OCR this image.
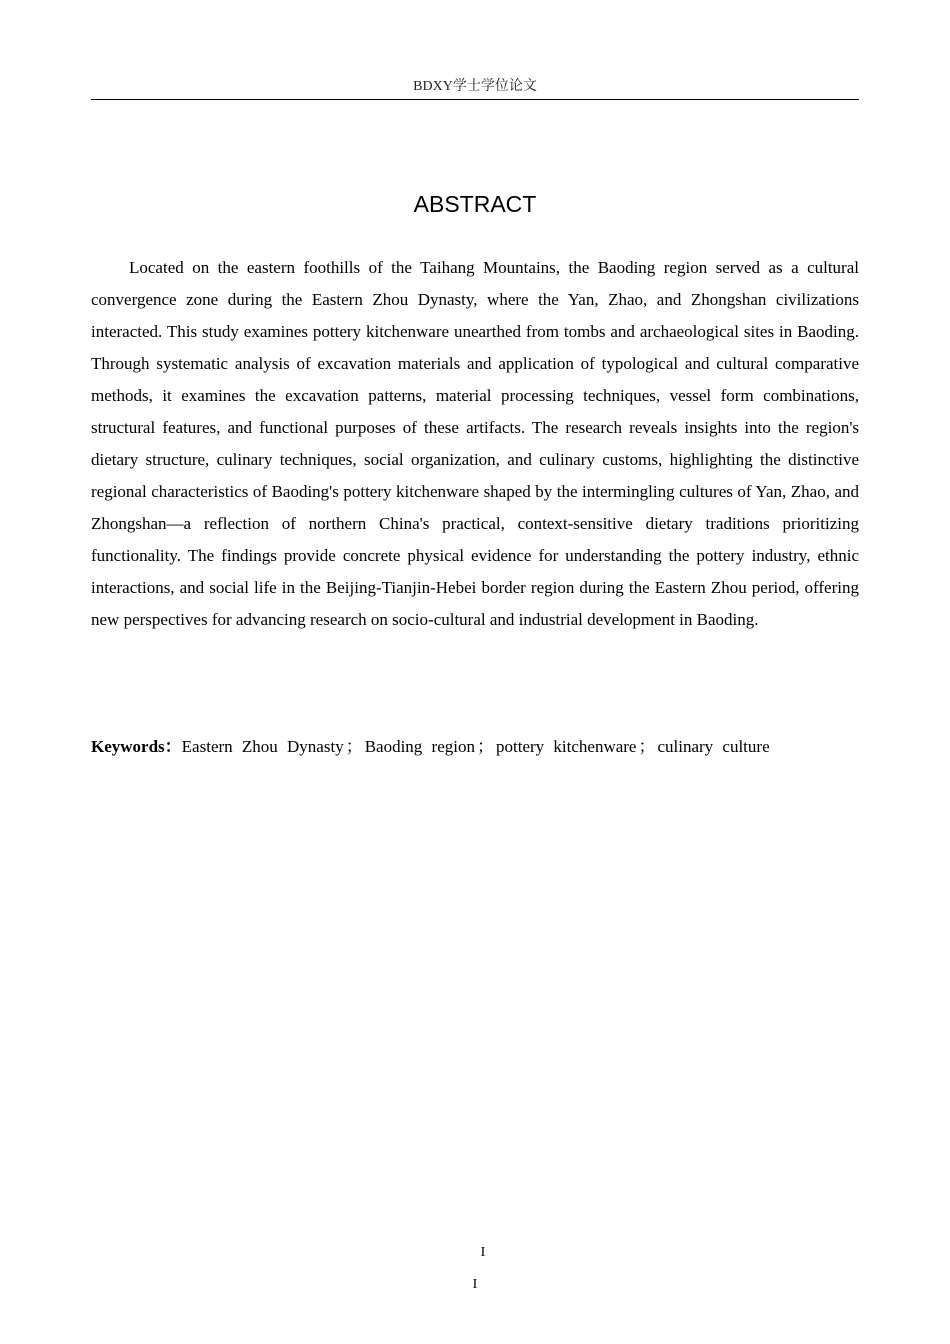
BDXY学士学位论文
ABSTRACT

Located on the eastern foothills of the Taihang Mountains, the Baoding region served as a cultural convergence zone during the Eastern Zhou Dynasty, where the Yan, Zhao, and Zhongshan civilizations interacted. This study examines pottery kitchenware unearthed from tombs and archaeological sites in Baoding. Through systematic analysis of excavation materials and application of typological and cultural comparative methods, it examines the excavation patterns, material processing techniques, vessel form combinations, structural features, and functional purposes of these artifacts. The research reveals insights into the region's dietary structure, culinary techniques, social organization, and culinary customs, highlighting the distinctive regional characteristics of Baoding's pottery kitchenware shaped by the intermingling cultures of Yan, Zhao, and Zhongshan—a reflection of northern China's practical, context-sensitive dietary traditions prioritizing functionality. The findings provide concrete physical evidence for understanding the pottery industry, ethnic interactions, and social life in the Beijing-Tianjin-Hebei border region during the Eastern Zhou period, offering new perspectives for advancing research on socio-cultural and industrial development in Baoding.

Keywords：Eastern Zhou Dynasty ； Baoding region ； pottery kitchenware ； culinary culture

I
I
